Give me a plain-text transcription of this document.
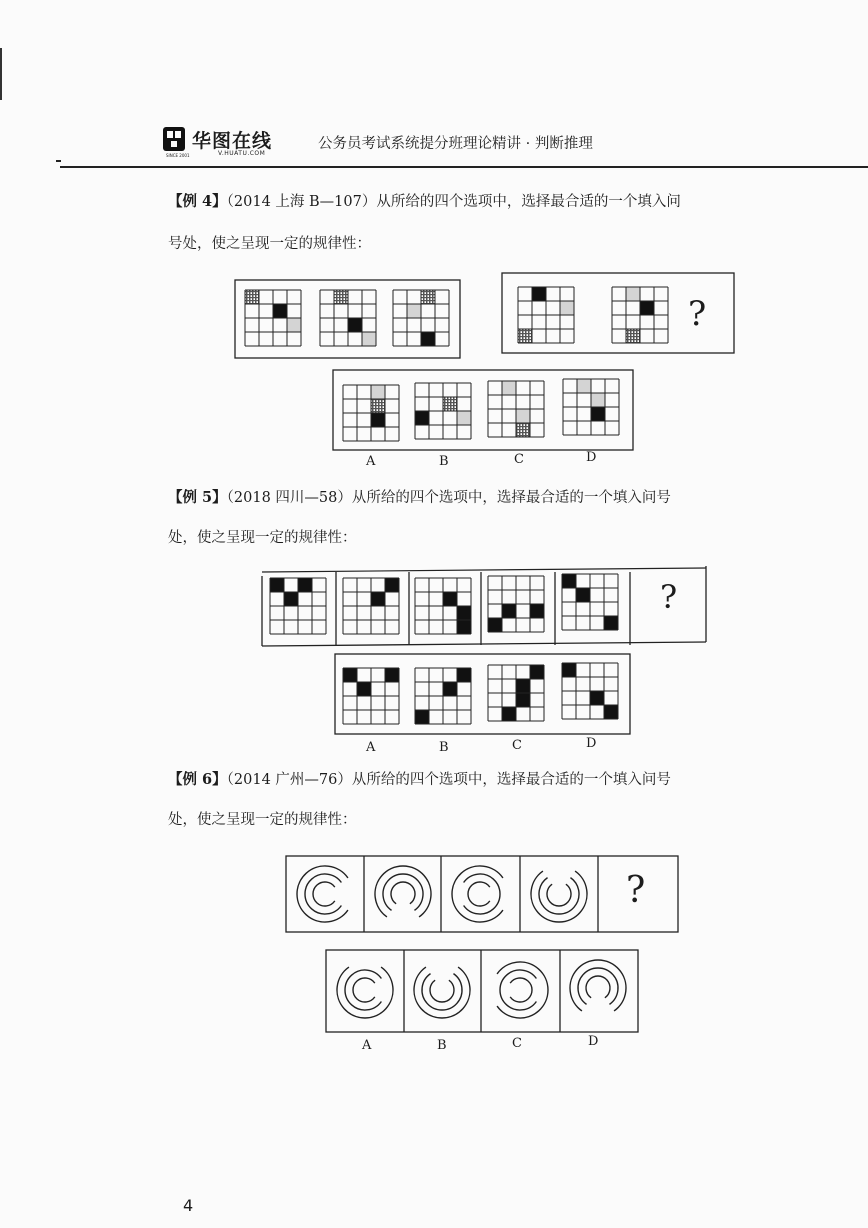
华图在线
V.HUATU.COM
SINCE 2001
公务员考试系统提分班理论精讲 · 判断推理
【例 4】（2014 上海 B—107）从所给的四个选项中，选择最合适的一个填入问
号处，使之呈现一定的规律性：
【例 5】（2018 四川—58）从所给的四个选项中，选择最合适的一个填入问号
处，使之呈现一定的规律性：
【例 6】（2014 广州—76）从所给的四个选项中，选择最合适的一个填入问号
处，使之呈现一定的规律性：
?
?
?
A	B	C	D
A	B	C	D
A	B	C	D
4
